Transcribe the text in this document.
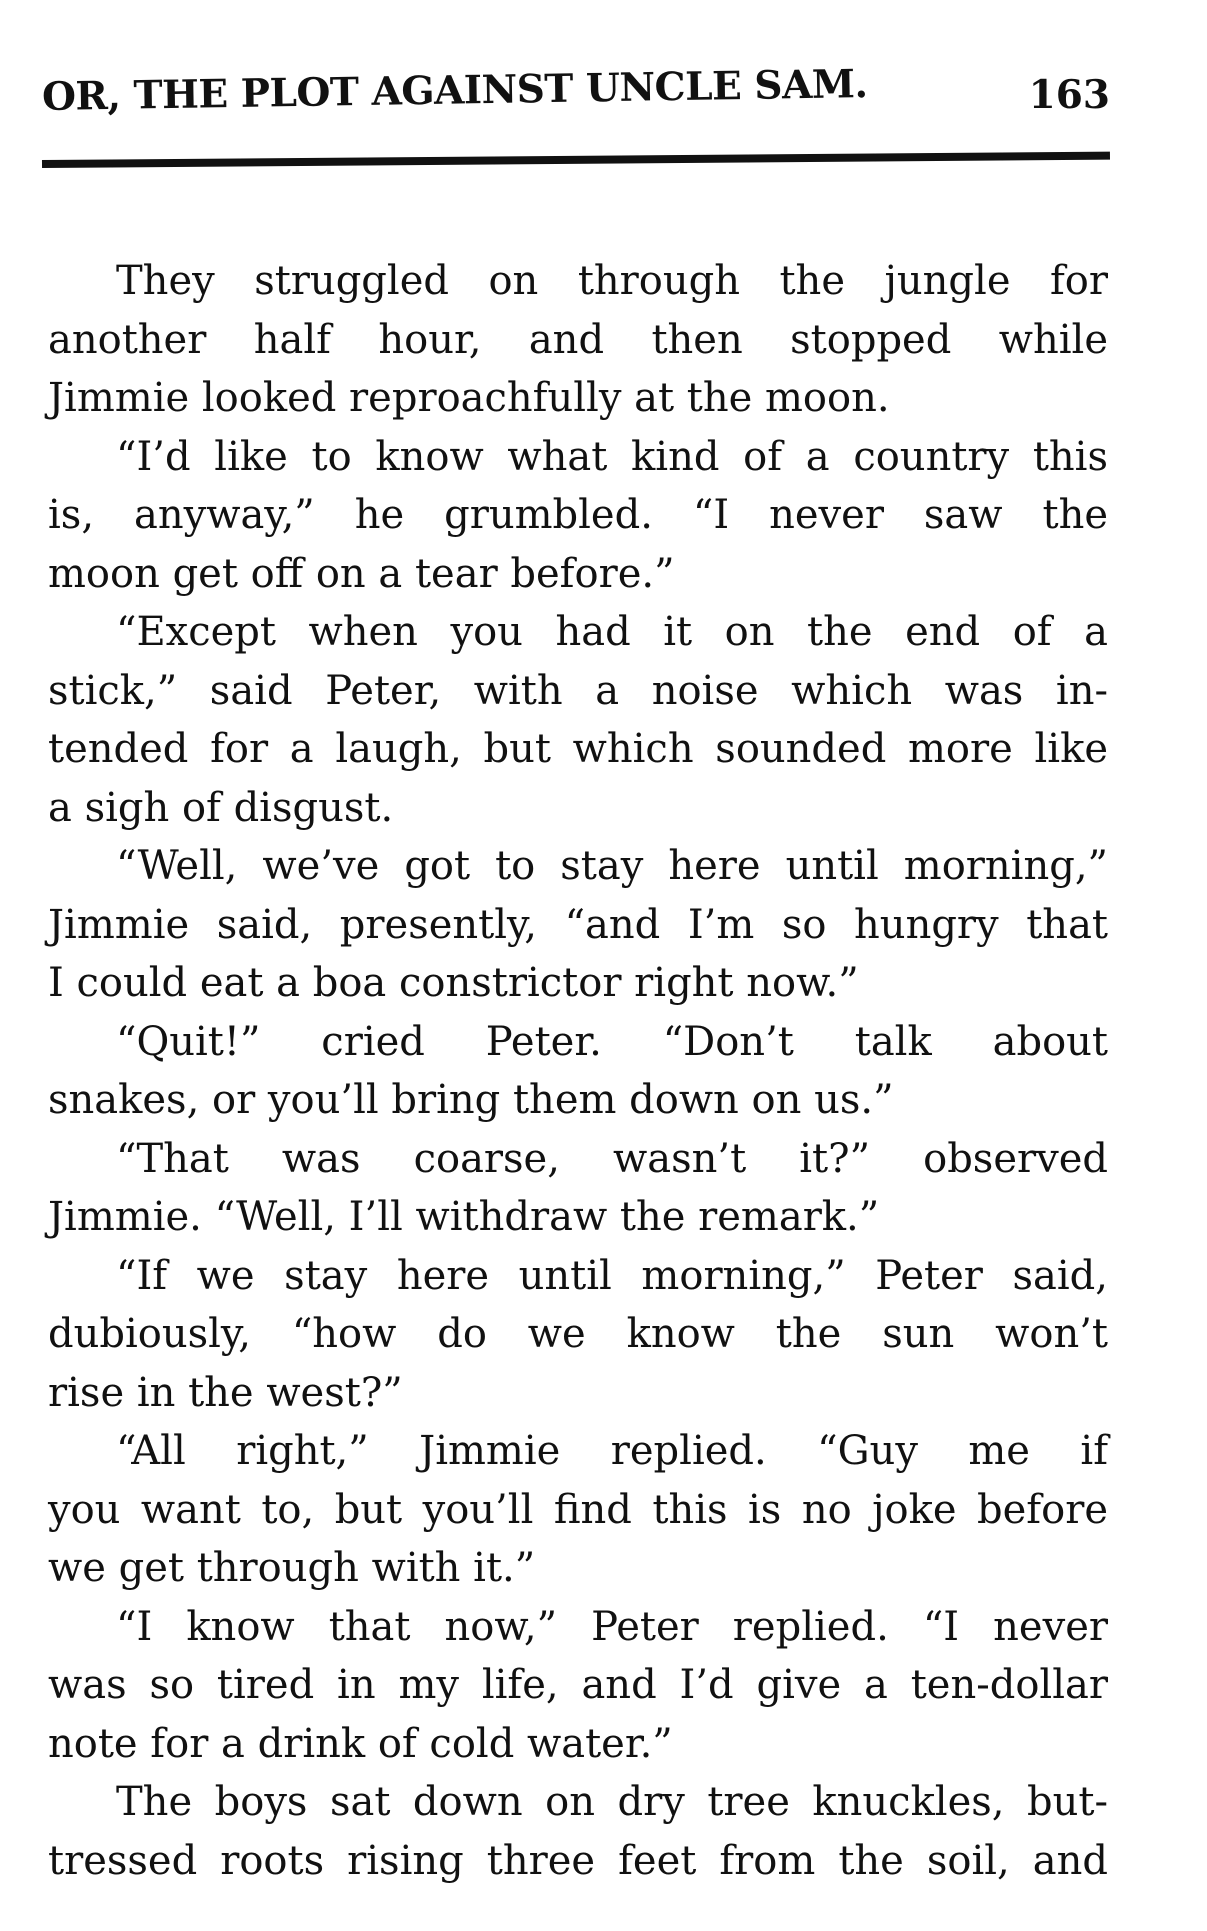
OR, THE PLOT AGAINST UNCLE SAM.	163
They struggled on through the jungle for
another half hour, and then stopped while
Jimmie looked reproachfully at the moon.
“I’d like to know what kind of a country this
is, anyway,” he grumbled. “I never saw the
moon get off on a tear before.”
“Except when you had it on the end of a
stick,” said Peter, with a noise which was in-
tended for a laugh, but which sounded more like
a sigh of disgust.
“Well, we’ve got to stay here until morning,”
Jimmie said, presently, “and I’m so hungry that
I could eat a boa constrictor right now.”
“Quit!” cried Peter. “Don’t talk about
snakes, or you’ll bring them down on us.”
“That was coarse, wasn’t it?” observed
Jimmie. “Well, I’ll withdraw the remark.”
“If we stay here until morning,” Peter said,
dubiously, “how do we know the sun won’t
rise in the west?”
“All right,” Jimmie replied. “Guy me if
you want to, but you’ll find this is no joke before
we get through with it.”
“I know that now,” Peter replied. “I never
was so tired in my life, and I’d give a ten-dollar
note for a drink of cold water.”
The boys sat down on dry tree knuckles, but-
tressed roots rising three feet from the soil, and
